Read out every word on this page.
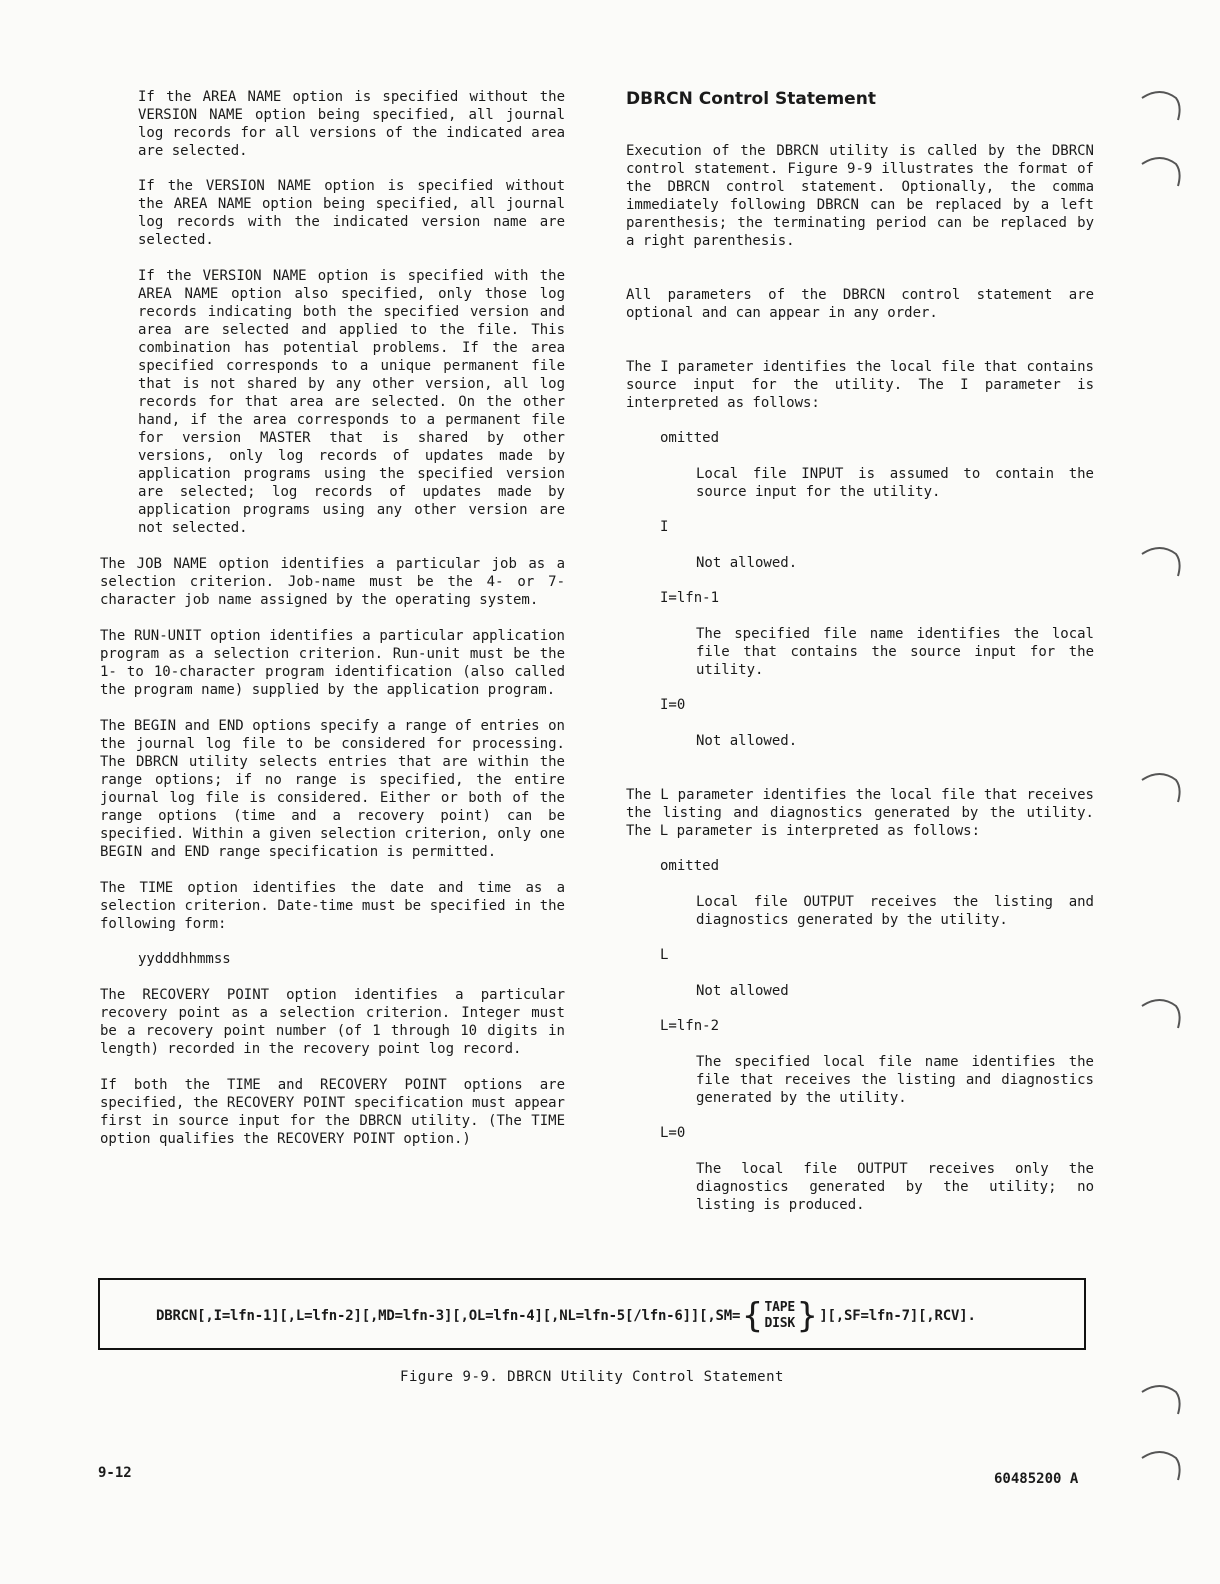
If the AREA NAME option is specified without the VERSION NAME option being specified, all journal log records for all versions of the indicated area are selected.

If the VERSION NAME option is specified without the AREA NAME option being specified, all journal log records with the indicated version name are selected.

If the VERSION NAME option is specified with the AREA NAME option also specified, only those log records indicating both the specified version and area are selected and applied to the file. This combination has potential problems. If the area specified corresponds to a unique permanent file that is not shared by any other version, all log records for that area are selected. On the other hand, if the area corresponds to a permanent file for version MASTER that is shared by other versions, only log records of updates made by application programs using the specified version are selected; log records of updates made by application programs using any other version are not selected.

The JOB NAME option identifies a particular job as a selection criterion. Job-name must be the 4- or 7-character job name assigned by the operating system.

The RUN-UNIT option identifies a particular application program as a selection criterion. Run-unit must be the 1- to 10-character program identification (also called the program name) supplied by the application program.

The BEGIN and END options specify a range of entries on the journal log file to be considered for processing. The DBRCN utility selects entries that are within the range options; if no range is specified, the entire journal log file is considered. Either or both of the range options (time and a recovery point) can be specified. Within a given selection criterion, only one BEGIN and END range specification is permitted.

The TIME option identifies the date and time as a selection criterion. Date-time must be specified in the following form:

yydddhhmmss

The RECOVERY POINT option identifies a particular recovery point as a selection criterion. Integer must be a recovery point number (of 1 through 10 digits in length) recorded in the recovery point log record.

If both the TIME and RECOVERY POINT options are specified, the RECOVERY POINT specification must appear first in source input for the DBRCN utility. (The TIME option qualifies the RECOVERY POINT option.)

DBRCN Control Statement

Execution of the DBRCN utility is called by the DBRCN control statement. Figure 9-9 illustrates the format of the DBRCN control statement. Optionally, the comma immediately following DBRCN can be replaced by a left parenthesis; the terminating period can be replaced by a right parenthesis.

All parameters of the DBRCN control statement are optional and can appear in any order.

The I parameter identifies the local file that contains source input for the utility. The I parameter is interpreted as follows:

omitted

Local file INPUT is assumed to contain the source input for the utility.

I

Not allowed.

I=lfn-1

The specified file name identifies the local file that contains the source input for the utility.

I=0

Not allowed.

The L parameter identifies the local file that receives the listing and diagnostics generated by the utility. The L parameter is interpreted as follows:

omitted

Local file OUTPUT receives the listing and diagnostics generated by the utility.

L

Not allowed

L=lfn-2

The specified local file name identifies the file that receives the listing and diagnostics generated by the utility.

L=0

The local file OUTPUT receives only the diagnostics generated by the utility; no listing is produced.

DBRCN[,I=lfn-1][,L=lfn-2][,MD=lfn-3][,OL=lfn-4][,NL=lfn-5[/lfn-6]][,SM= { TAPE
DISK } ][,SF=lfn-7][,RCV].
Figure 9-9. DBRCN Utility Control Statement
9-12	60485200 A
